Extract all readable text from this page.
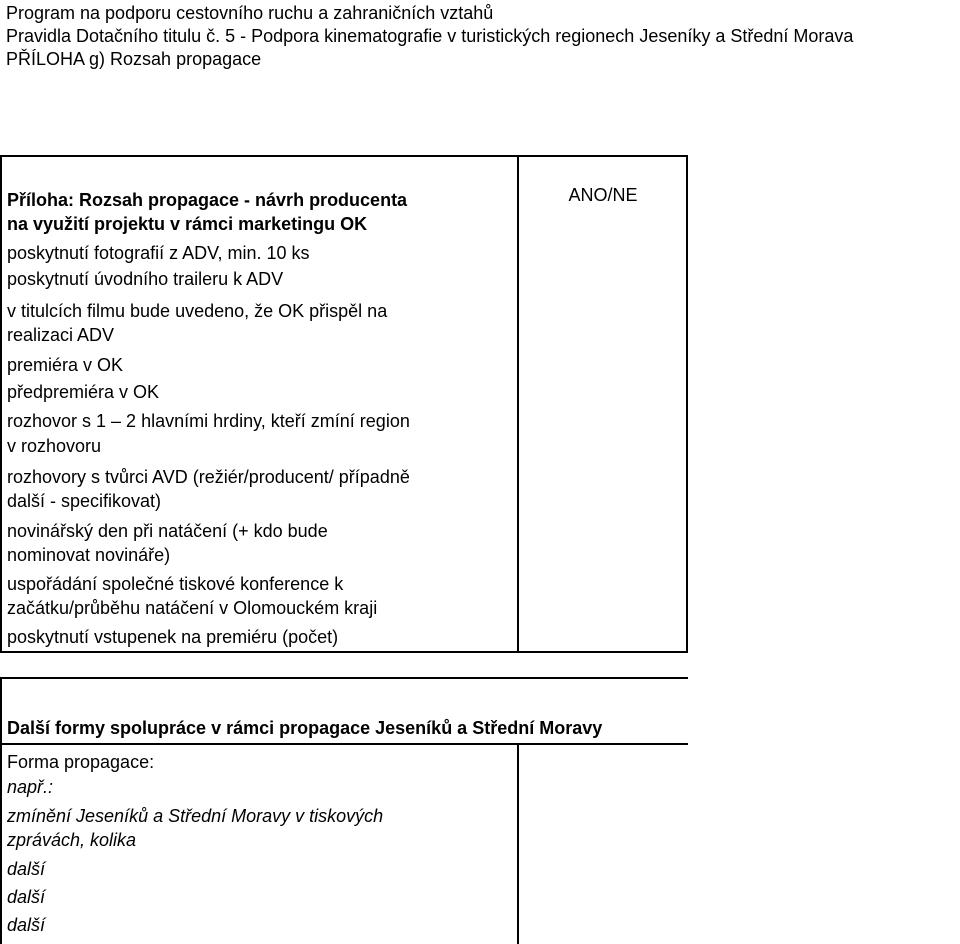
Program na podporu cestovního ruchu a zahraničních vztahů
Pravidla Dotačního titulu č. 5 - Podpora kinematografie v turistických regionech Jeseníky a Střední Morava
PŘÍLOHA g) Rozsah propagace
Příloha: Rozsah propagace - návrh producenta
na využití projektu v rámci marketingu OK
ANO/NE
poskytnutí fotografií z ADV, min. 10 ks
poskytnutí úvodního traileru k ADV
v titulcích filmu bude uvedeno, že OK přispěl na
realizaci ADV
premiéra v OK
předpremiéra v OK
rozhovor s 1 – 2 hlavními hrdiny, kteří zmíní region
v rozhovoru
rozhovory s tvůrci AVD (režiér/producent/ případně
další - specifikovat)
novinářský den při natáčení (+ kdo bude
nominovat novináře)
uspořádání společné tiskové konference k
začátku/průběhu natáčení v Olomouckém kraji
poskytnutí vstupenek na premiéru (počet)
Další formy spolupráce v rámci propagace Jeseníků a Střední Moravy
Forma propagace:
např.:
zmínění Jeseníků a Střední Moravy v tiskových
zprávách, kolika
další
další
další
